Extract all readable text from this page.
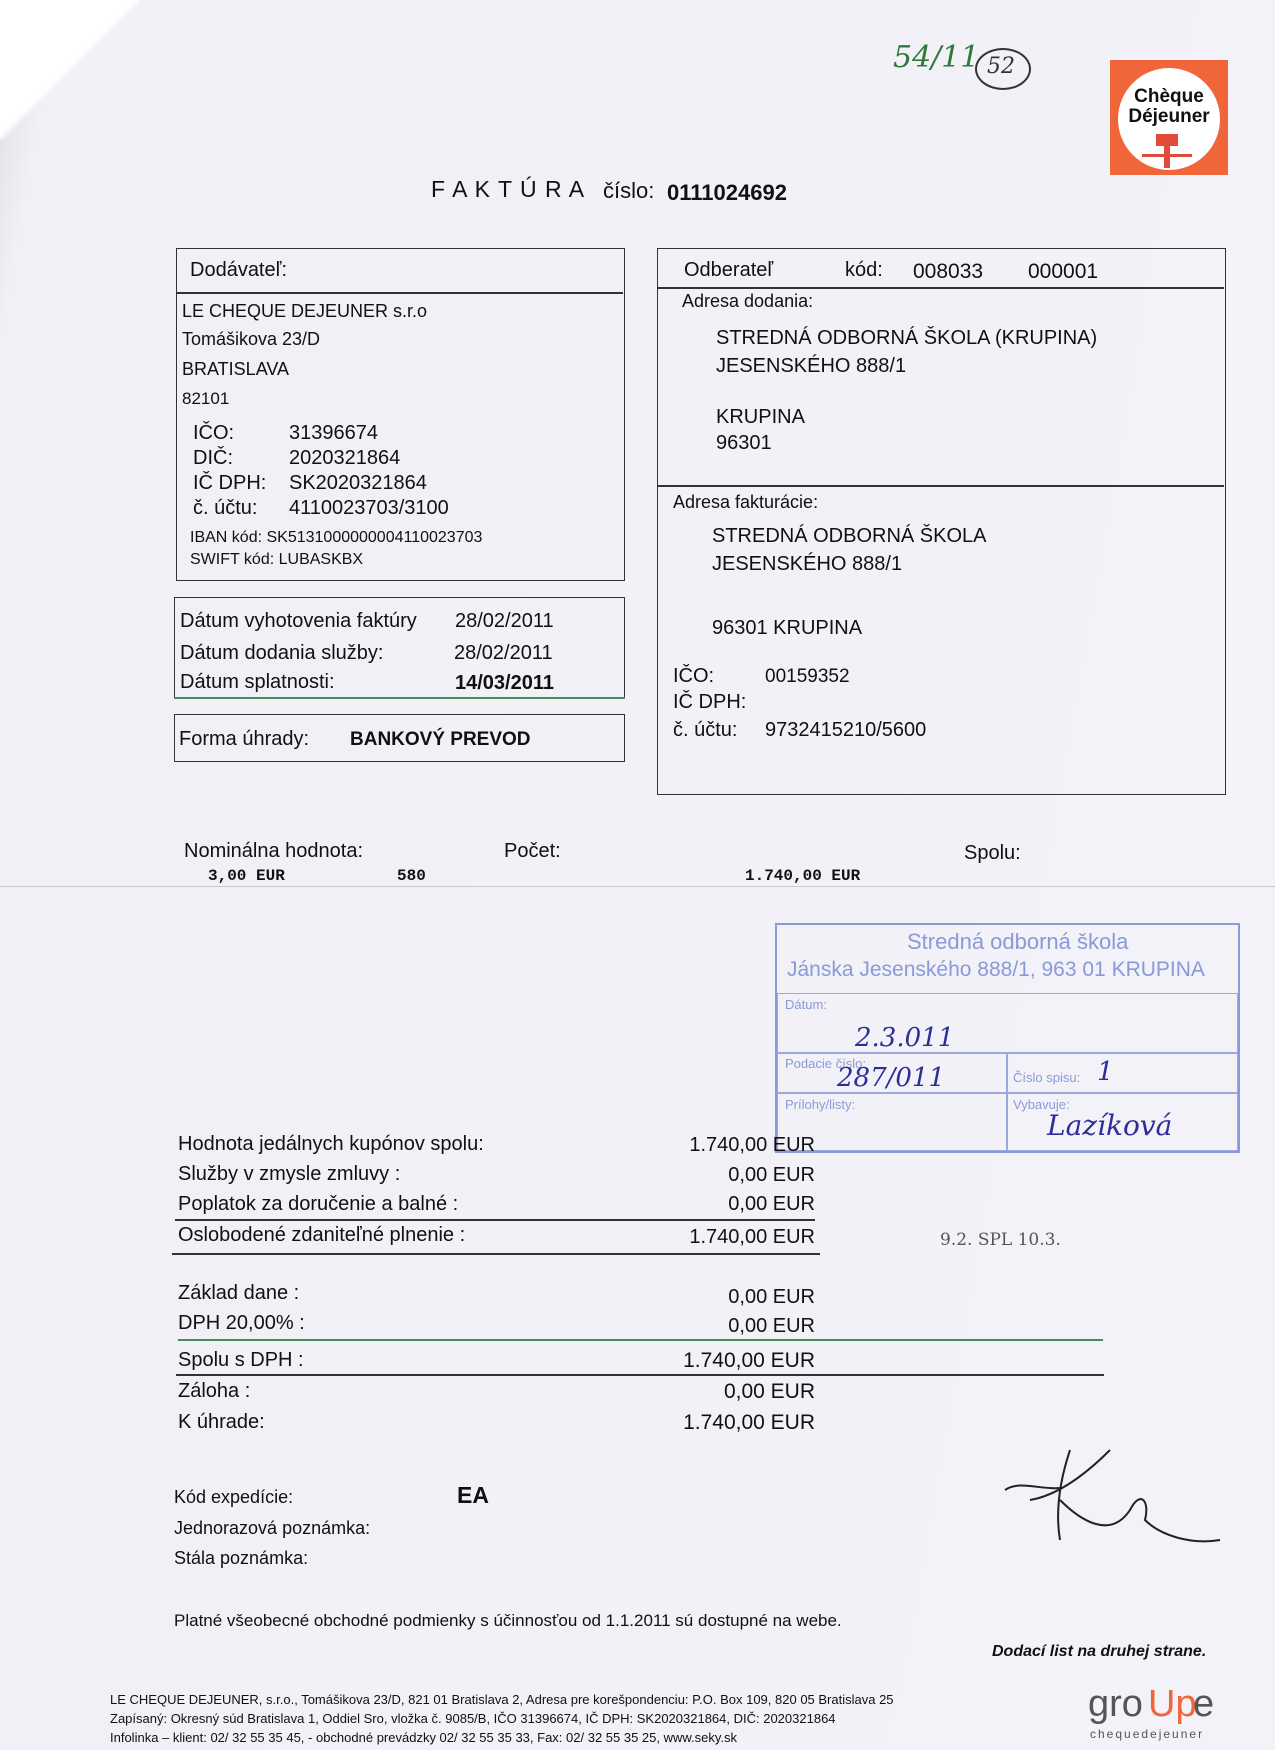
54/11 52
Chèque
Déjeuner
F A K T Ú R A číslo: 0111024692
Dodávateľ:
LE CHEQUE DEJEUNER s.r.o
Tomášikova 23/D
BRATISLAVA
82101
IČO:	31396674
DIČ:	2020321864
IČ DPH: SK2020321864
č. účtu: 4110023703/3100
IBAN kód: SK5131000000004110023703
SWIFT kód: LUBASKBX
Dátum vyhotovenia faktúry 28/02/2011
Dátum dodania služby:	28/02/2011
Dátum splatnosti:	14/03/2011
Forma úhrady: BANKOVÝ PREVOD
Odberateľ	kód: 008033 000001
Adresa dodania:
STREDNÁ ODBORNÁ ŠKOLA (KRUPINA)
JESENSKÉHO 888/1
KRUPINA
96301
Adresa fakturácie:
STREDNÁ ODBORNÁ ŠKOLA
JESENSKÉHO 888/1
96301 KRUPINA
IČO:	00159352
IČ DPH:
č. účtu: 9732415210/5600
Nominálna hodnota:	Počet:	Spolu:
3,00 EUR	580	1.740,00 EUR
Stredná odborná škola
Jánska Jesenského 888/1, 963 01 KRUPINA
Dátum:
2.3.011
Podacie číslo:
287/011	Číslo spisu: 1
Prílohy/listy:	Vybavuje:
Lazíková
9.2. SPL 10.3.
Hodnota jedálnych kupónov spolu:	1.740,00 EUR
Služby v zmysle zmluvy :	0,00 EUR
Poplatok za doručenie a balné :	0,00 EUR
Oslobodené zdaniteľné plnenie :	1.740,00 EUR
Základ dane :	0,00 EUR
DPH 20,00% :	0,00 EUR
Spolu s DPH :	1.740,00 EUR
Záloha :	0,00 EUR
K úhrade:	1.740,00 EUR
Kód expedície:	EA
Jednorazová poznámka:
Stála poznámka:
Platné všeobecné obchodné podmienky s účinnosťou od 1.1.2011 sú dostupné na webe.
Dodací list na druhej strane.
LE CHEQUE DEJEUNER, s.r.o., Tomášikova 23/D, 821 01 Bratislava 2, Adresa pre korešpondenciu: P.O. Box 109, 820 05 Bratislava 25
Zapísaný: Okresný súd Bratislava 1, Oddiel Sro, vložka č. 9085/B, IČO 31396674, IČ DPH: SK2020321864, DIČ: 2020321864
Infolinka – klient: 02/ 32 55 35 45, - obchodné prevádzky 02/ 32 55 35 33, Fax: 02/ 32 55 35 25, www.seky.sk
gro Up
e
chequedejeuner
